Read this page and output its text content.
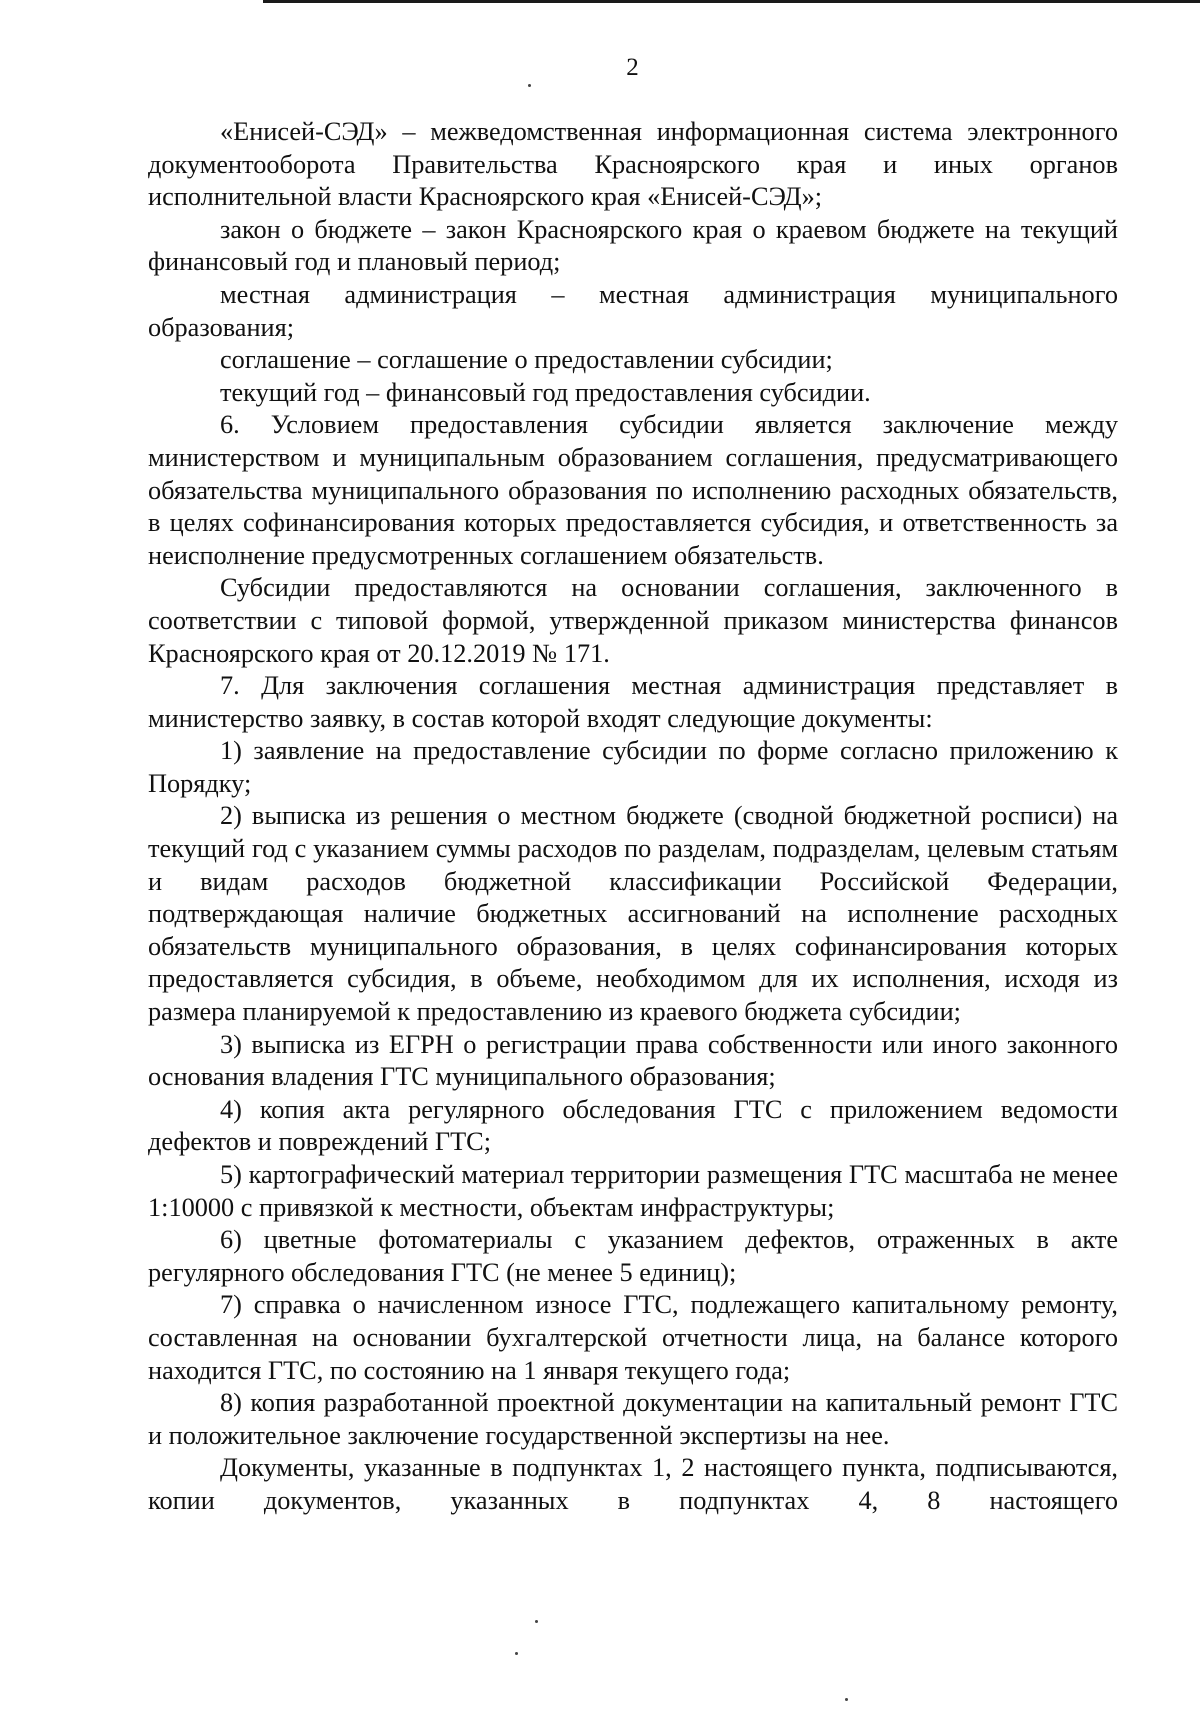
2

«Енисей-СЭД» – межведомственная информационная система электронного документооборота Правительства Красноярского края и иных органов исполнительной власти Красноярского края «Енисей-СЭД»;

закон о бюджете – закон Красноярского края о краевом бюджете на текущий финансовый год и плановый период;

местная администрация – местная администрация муниципального образования;

соглашение – соглашение о предоставлении субсидии;

текущий год – финансовый год предоставления субсидии.

6. Условием предоставления субсидии является заключение между министерством и муниципальным образованием соглашения, предусматривающего обязательства муниципального образования по исполнению расходных обязательств, в целях софинансирования которых предоставляется субсидия, и ответственность за неисполнение предусмотренных соглашением обязательств.

Субсидии предоставляются на основании соглашения, заключенного в соответствии с типовой формой, утвержденной приказом министерства финансов Красноярского края от 20.12.2019 № 171.

7. Для заключения соглашения местная администрация представляет в министерство заявку, в состав которой входят следующие документы:

1) заявление на предоставление субсидии по форме согласно приложению к Порядку;

2) выписка из решения о местном бюджете (сводной бюджетной росписи) на текущий год с указанием суммы расходов по разделам, подразделам, целевым статьям и видам расходов бюджетной классификации Российской Федерации, подтверждающая наличие бюджетных ассигнований на исполнение расходных обязательств муниципального образования, в целях софинансирования которых предоставляется субсидия, в объеме, необходимом для их исполнения, исходя из размера планируемой к предоставлению из краевого бюджета субсидии;

3) выписка из ЕГРН о регистрации права собственности или иного законного основания владения ГТС муниципального образования;

4) копия акта регулярного обследования ГТС с приложением ведомости дефектов и повреждений ГТС;

5) картографический материал территории размещения ГТС масштаба не менее 1:10000 с привязкой к местности, объектам инфраструктуры;

6) цветные фотоматериалы с указанием дефектов, отраженных в акте регулярного обследования ГТС (не менее 5 единиц);

7) справка о начисленном износе ГТС, подлежащего капитальному ремонту, составленная на основании бухгалтерской отчетности лица, на балансе которого находится ГТС, по состоянию на 1 января текущего года;

8) копия разработанной проектной документации на капитальный ремонт ГТС и положительное заключение государственной экспертизы на нее.

Документы, указанные в подпунктах 1, 2 настоящего пункта, подписываются, копии документов, указанных в подпунктах 4, 8 настоящего
